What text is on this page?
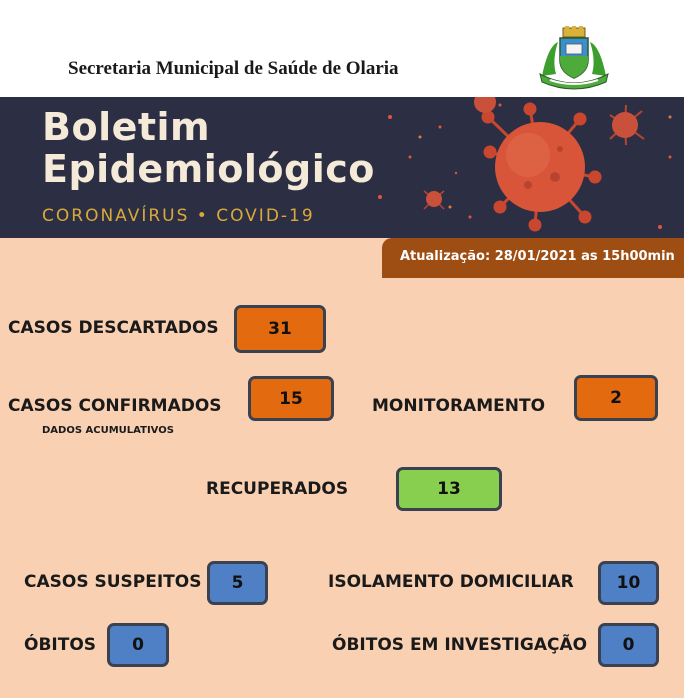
Secretaria Municipal de Saúde de Olaria
Boletim
Epidemiológico
CORONAVÍRUS • COVID-19
Atualização: 28/01/2021 as 15h00min
CASOS DESCARTADOS	31
CASOS CONFIRMADOS
DADOS ACUMULATIVOS
15	MONITORAMENTO	2
RECUPERADOS	13
CASOS SUSPEITOS	5	ISOLAMENTO DOMICILIAR	10
ÓBITOS	0	ÓBITOS EM INVESTIGAÇÃO	0
